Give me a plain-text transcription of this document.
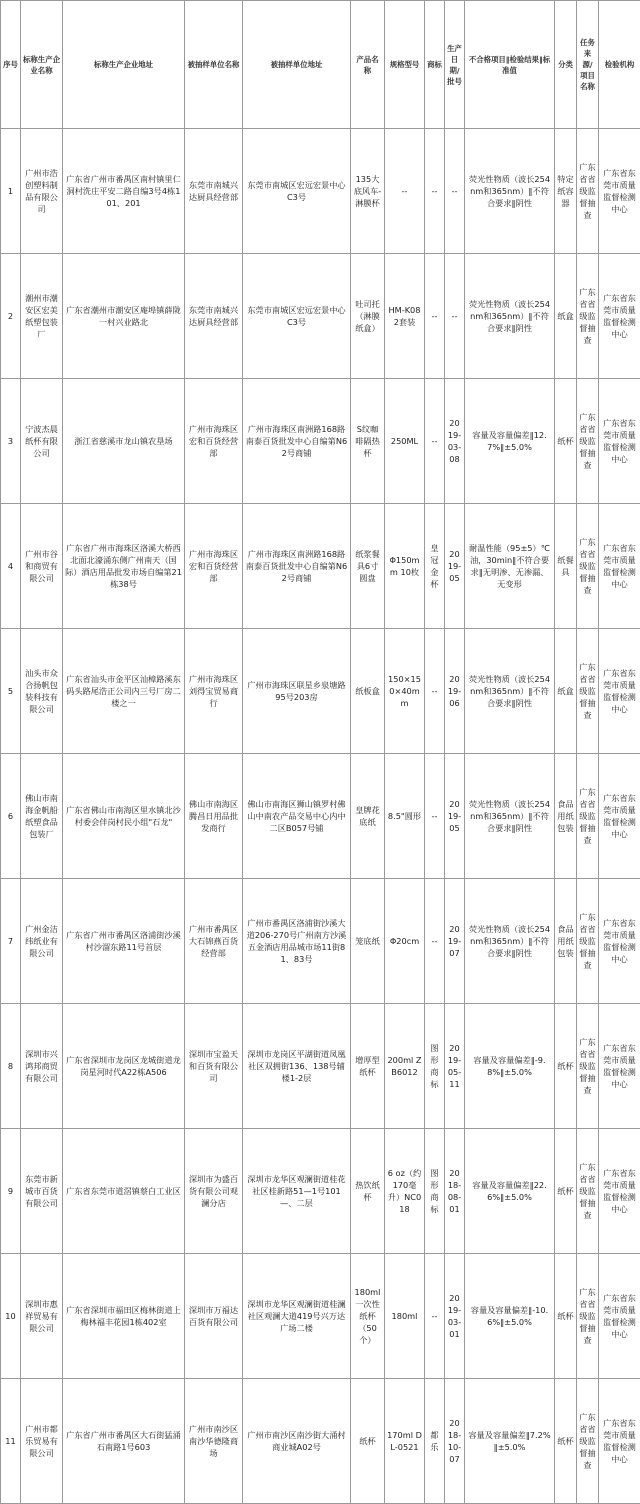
序号	标称生产企业名称	标称生产企业地址	被抽样单位名称	被抽样单位地址	产品名称	规格型号	商标	生产日期/批号	不合格项目‖检验结果‖标准值	分类	任务来源/项目名称	检验机构	
1	广州市浩创塑料制品有限公司	广东省广州市番禺区南村镇里仁洞村洗庄平安二路自编3号4栋101、201	东莞市南城兴达厨具经营部	东莞市南城区宏远宏景中心C3号	135大底风车-淋膜杯	--	--	--	荧光性物质（波长254nm和365nm）‖不符合要求‖阴性	特定纸容器	广东省省级监督抽查	广东省东莞市质量监督检测中心	
2	潮州市潮安区宏美纸塑包装厂	广东省潮州市潮安区庵埠镇薛陇一村兴业路北	东莞市南城兴达厨具经营部	东莞市南城区宏远宏景中心C3号	吐司托（淋膜纸盒）	HM-K082套装	--	--	荧光性物质（波长254nm和365nm）‖不符合要求‖阴性	纸盒	广东省省级监督抽查	广东省东莞市质量监督检测中心	
3	宁波杰晨纸杯有限公司	浙江省慈溪市龙山镇农垦场	广州市海珠区宏和百货经营部	广州市海珠区南洲路168路南泰百货批发中心自编第N62号商铺	S纹咖啡隔热杯	250ML	--	2019-03-08	容量及容量偏差‖12.7%‖±5.0%	纸杯	广东省省级监督抽查	广东省东莞市质量监督检测中心	
4	广州市谷和商贸有限公司	广东省广州市海珠区洛溪大桥西北面北濠涌东侧广州南天（国际）酒店用品批发市场自编第21栋38号	广州市海珠区宏和百货经营部	广州市海珠区南洲路168路南泰百货批发中心自编第N62号商铺	纸浆餐具6寸圆盘	Φ150mm 10枚	皇冠金杯	2019-05	耐温性能（95±5）℃油，30min‖不符合要求‖无明渗、无渗漏、无变形	纸餐具	广东省省级监督抽查	广东省东莞市质量监督检测中心	
5	汕头市众合扬帆包装科技有限公司	广东省汕头市金平区汕樟路溪东码头路尾浩正公司内三号厂房二楼之一	广州市海珠区刘得宝贸易商行	广州市海珠区联星乡泉塘路95号203房	纸板盒	150×150×40mm	--	2019-06	荧光性物质（波长254nm和365nm）‖不符合要求‖阴性	纸盒	广东省省级监督抽查	广东省东莞市质量监督检测中心	
6	佛山市南海金帆船纸塑食品包装厂	广东省佛山市南海区里水镇北沙村委会伴岗村民小组"石龙"	佛山市南海区腾昌日用品批发商行	佛山市南海区狮山镇罗村佛山中南农产品交易中心内中二区B057号铺	皇牌花底纸	8.5"圆形	--	2019-05	荧光性物质（波长254nm和365nm）‖不符合要求‖阴性	食品用纸包装	广东省省级监督抽查	广东省东莞市质量监督检测中心	
7	广州金洁纬纸业有限公司	广东省广州市番禺区洛浦街沙溪村沙溜东路11号首层	广州市番禺区大石锦燕百货经营部	广州市番禺区洛浦街沙溪大道206-270号广州南方沙溪五金酒店用品城市场11街81、83号	笼底纸	Φ20cm	--	2019-07	荧光性物质（波长254nm和365nm）‖不符合要求‖阴性	食品用纸包装	广东省省级监督抽查	广东省东莞市质量监督检测中心	
8	深圳市兴鸿邦商贸有限公司	广东省深圳市龙岗区龙城街道龙岗星河时代A22栋A506	深圳市宝盈天和百货有限公司	深圳市龙岗区平湖街道凤凰社区双拥街136、138号辅楼1-2层	增厚型纸杯	200ml ZB6012	图形商标	2019-05-11	容量及容量偏差‖-9.8%‖±5.0%	纸杯	广东省省级监督抽查	广东省东莞市质量监督检测中心	
9	东莞市新城市百货有限公司	广东省东莞市道滘镇蔡白工业区	深圳市为盛百货有限公司观澜分店	深圳市龙华区观澜街道桂花社区桂新路51—1号101—、二层	热饮纸杯	6 oz（约170毫升）NC018	图形商标	2018-08-01	容量及容量偏差‖22.6%‖±5.0%	纸杯	广东省省级监督抽查	广东省东莞市质量监督检测中心	
10	深圳市惠祥贸易有限公司	广东省深圳市福田区梅林街道上梅林福丰花园1栋402室	深圳市万福达百货有限公司	深圳市龙华区观澜街道桂澜社区观澜大道419号兴万达广场二楼	180ml一次性纸杯（50个）	180ml	--	2019-03-01	容量及容量偏差‖-10.6%‖±5.0%	纸杯	广东省省级监督抽查	广东省东莞市质量监督检测中心	
11	广州市都乐贸易有限公司	广东省广州市番禺区大石街猛涌石南路1号603	广州市南沙区南沙华德隆商场	广州市南沙区南沙街大涌村商业城A02号	纸杯	170ml DL-0521	都乐	2018-10-07	容量及容量偏差‖7.2%‖±5.0%	纸杯	广东省省级监督抽查	广东省东莞市质量监督检测中心	
